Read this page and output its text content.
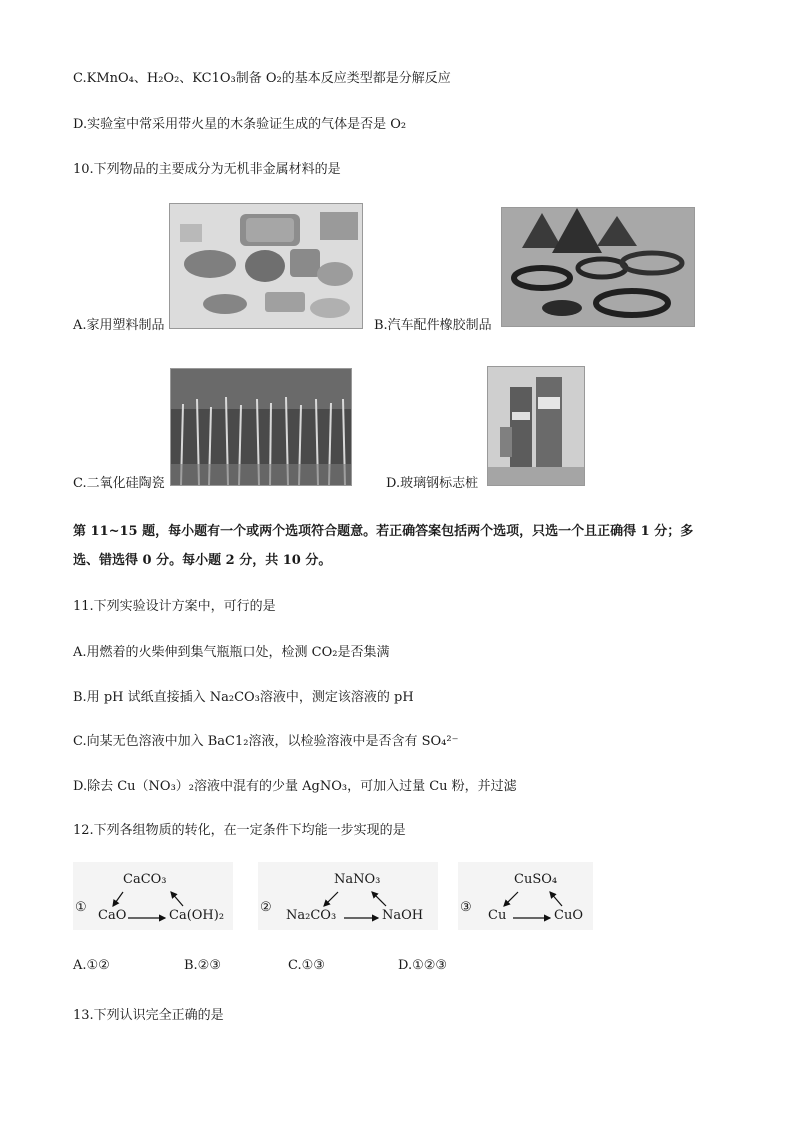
C.KMnO₄、H₂O₂、KC1O₃制备 O₂的基本反应类型都是分解反应
D.实验室中常采用带火星的木条验证生成的气体是否是 O₂
10.下列物品的主要成分为无机非金属材料的是
A.家用塑料制品	B.汽车配件橡胶制品
C.二氧化硅陶瓷	D.玻璃钢标志桩
第 11~15 题，每小题有一个或两个选项符合题意。若正确答案包括两个选项，只选一个且正确得 1 分；多
选、错选得 0 分。每小题 2 分，共 10 分。
11.下列实验设计方案中，可行的是
A.用燃着的火柴伸到集气瓶瓶口处，检测 CO₂是否集满
B.用 pH 试纸直接插入 Na₂CO₃溶液中，测定该溶液的 pH
C.向某无色溶液中加入 BaC1₂溶液，以检验溶液中是否含有 SO₄²⁻
D.除去 Cu（NO₃）₂溶液中混有的少量 AgNO₃，可加入过量 Cu 粉，并过滤
12.下列各组物质的转化，在一定条件下均能一步实现的是
①
CaCO₃
CaO	Ca(OH)₂
②
NaNO₃
Na₂CO₃	NaOH
③
CuSO₄
Cu	CuO
A.①②	B.②③	C.①③	D.①②③
13.下列认识完全正确的是
